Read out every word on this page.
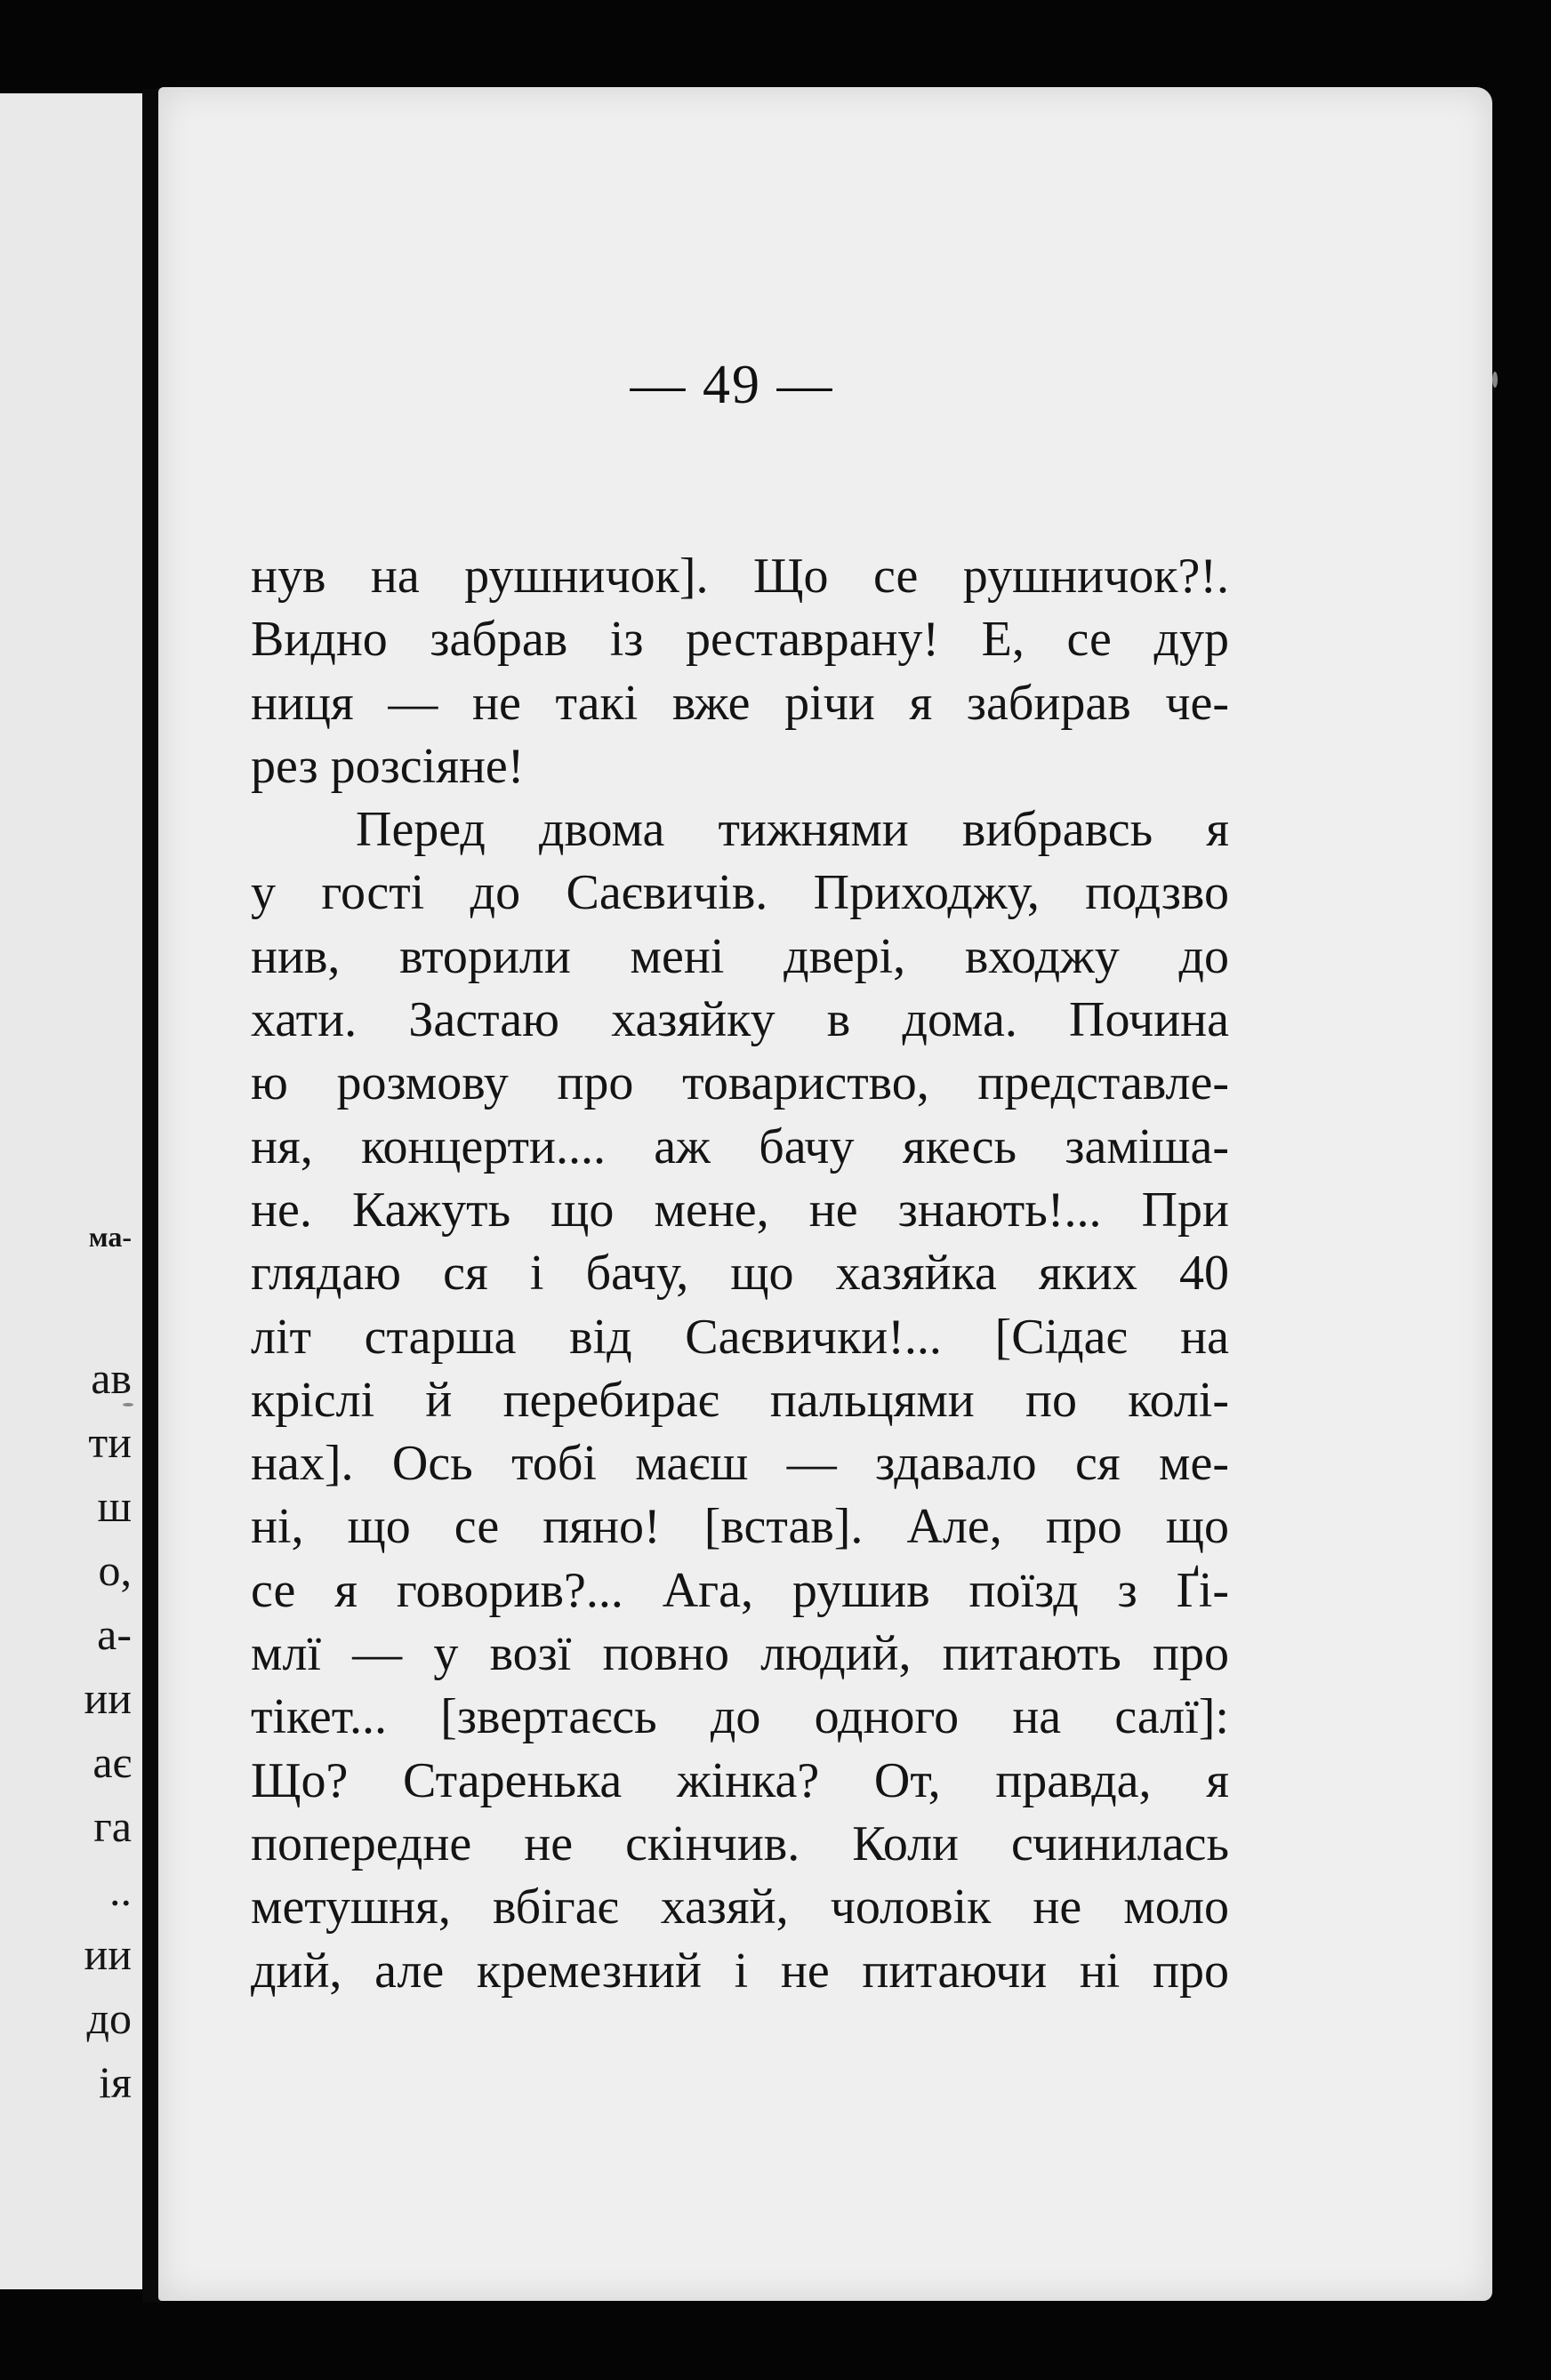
ма-
ав
ти
ш
о,
а-
ии
ає
га
..
ии
до
ія
— 49 —
нув на рушничок]. Що се рушничок?!.
Видно забрав із реставрану! Е, се дур
ниця — не такі вже річи я забирав че-
рез розсіяне!
Перед двома тижнями вибравсь я
у гості до Саєвичів. Приходжу, подзво
нив, вторили мені двері, входжу до
хати. Застаю хазяйку в дома. Почина
ю розмову про товариство, представле-
ня, концерти.... аж бачу якесь заміша-
не. Кажуть що мене, не знають!... При
глядаю ся і бачу, що хазяйка яких 40
літ старша від Саєвички!... [Сідає на
кріслі й перебирає пальцями по колі-
нах]. Ось тобі маєш — здавало ся ме-
ні, що се пяно! [встав]. Але, про що
се я говорив?... Ага, рушив поїзд з Ґі-
млї — у возї повно людий, питають про
тікет... [звертаєсь до одного на салї]:
Що? Старенька жінка? От, правда, я
попередне не скінчив. Коли счинилась
метушня, вбігає хазяй, чоловік не моло
дий, але кремезний і не питаючи ні про
